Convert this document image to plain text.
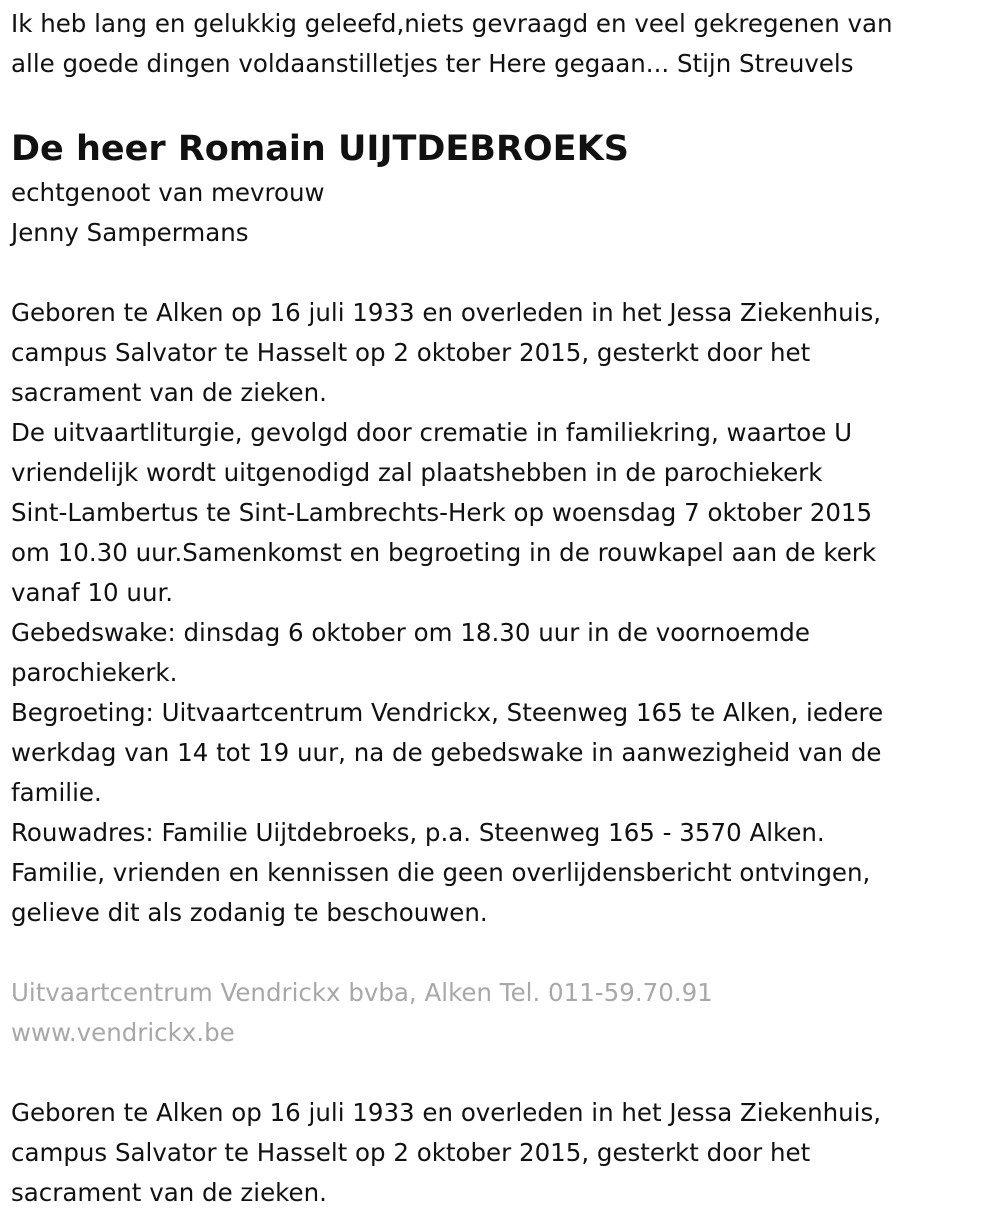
Ik heb lang en gelukkig geleefd,niets gevraagd en veel gekregenen van
alle goede dingen voldaanstilletjes ter Here gegaan... Stijn Streuvels
De heer Romain UIJTDEBROEKS
echtgenoot van mevrouw
Jenny Sampermans
Geboren te Alken op 16 juli 1933 en overleden in het Jessa Ziekenhuis,
campus Salvator te Hasselt op 2 oktober 2015, gesterkt door het
sacrament van de zieken.
De uitvaartliturgie, gevolgd door crematie in familiekring, waartoe U
vriendelijk wordt uitgenodigd zal plaatshebben in de parochiekerk
Sint-Lambertus te Sint-Lambrechts-Herk op woensdag 7 oktober 2015
om 10.30 uur.Samenkomst en begroeting in de rouwkapel aan de kerk
vanaf 10 uur.
Gebedswake: dinsdag 6 oktober om 18.30 uur in de voornoemde
parochiekerk.
Begroeting: Uitvaartcentrum Vendrickx, Steenweg 165 te Alken, iedere
werkdag van 14 tot 19 uur, na de gebedswake in aanwezigheid van de
familie.
Rouwadres: Familie Uijtdebroeks, p.a. Steenweg 165 - 3570 Alken.
Familie, vrienden en kennissen die geen overlijdensbericht ontvingen,
gelieve dit als zodanig te beschouwen.
Uitvaartcentrum Vendrickx bvba, Alken Tel. 011-59.70.91
www.vendrickx.be
Geboren te Alken op 16 juli 1933 en overleden in het Jessa Ziekenhuis,
campus Salvator te Hasselt op 2 oktober 2015, gesterkt door het
sacrament van de zieken.
